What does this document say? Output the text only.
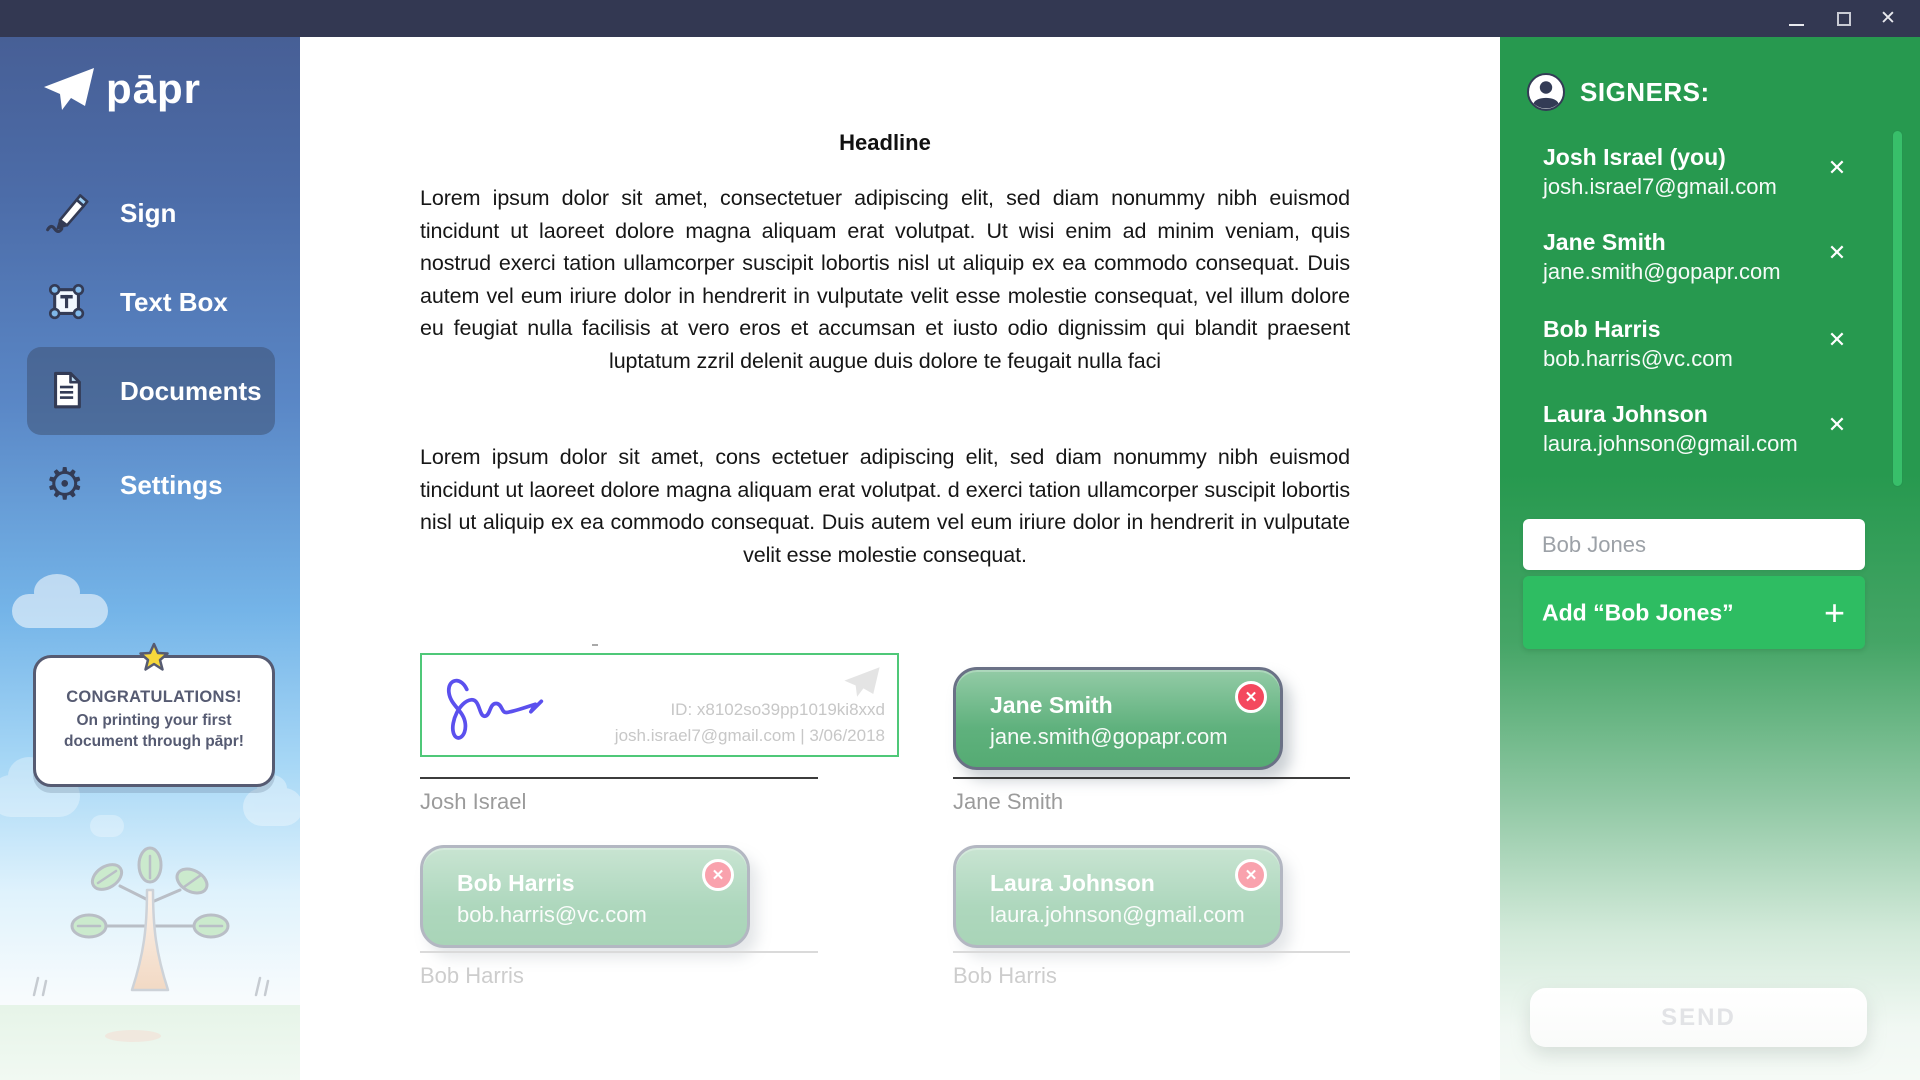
✕
pāpr
Sign
Text Box
Documents
⚙ Settings
CONGRATULATIONS!
On printing your first document through pāpr!
Headline
Lorem ipsum dolor sit amet, consectetuer adipiscing elit, sed diam nonummy nibh euismod tincidunt ut laoreet dolore magna aliquam erat volutpat. Ut wisi enim ad minim veniam, quis nostrud exerci tation ullamcorper suscipit lobortis nisl ut aliquip ex ea commodo consequat. Duis autem vel eum iriure dolor in hendrerit in vulputate velit esse molestie consequat, vel illum dolore eu feugiat nulla facilisis at vero eros et accumsan et iusto odio dignissim qui blandit praesent luptatum zzril delenit augue duis dolore te feugait nulla faci
Lorem ipsum dolor sit amet, cons ectetuer adipiscing elit, sed diam nonummy nibh euismod tincidunt ut laoreet dolore magna aliquam erat volutpat. d exerci tation ullamcorper suscipit lobortis nisl ut aliquip ex ea commodo consequat. Duis autem vel eum iriure dolor in hendrerit in vulputate velit esse molestie consequat.
ID: x8102so39pp1019ki8xxd
josh.israel7@gmail.com | 3/06/2018
Josh Israel
Jane Smith
jane.smith@gopapr.com
✕
Jane Smith
Bob Harris
bob.harris@vc.com
✕
Bob Harris
Laura Johnson
laura.johnson@gmail.com
✕
Bob Harris
SIGNERS:
Josh Israel (you)
josh.israel7@gmail.com
✕
Jane Smith
jane.smith@gopapr.com
✕
Bob Harris
bob.harris@vc.com
✕
Laura Johnson
laura.johnson@gmail.com
✕
Bob Jones
Add “Bob Jones”	+
SEND
